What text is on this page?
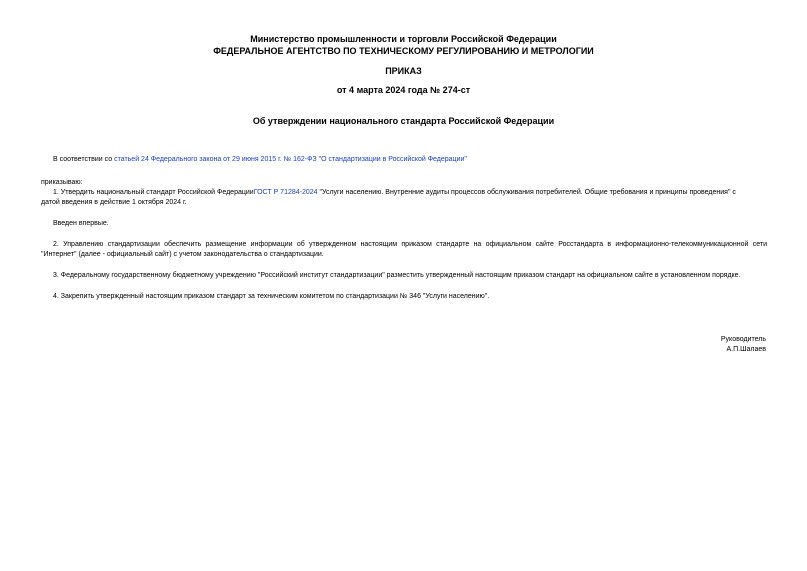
Министерство промышленности и торговли Российской Федерации
ФЕДЕРАЛЬНОЕ АГЕНТСТВО ПО ТЕХНИЧЕСКОМУ РЕГУЛИРОВАНИЮ И МЕТРОЛОГИИ
ПРИКАЗ
от 4 марта 2024 года № 274-ст
Об утверждении национального стандарта Российской Федерации
В соответствии со статьей 24 Федерального закона от 29 июня 2015 г. № 162-ФЗ "О стандартизации в Российской Федерации"
приказываю:
1. Утвердить национальный стандарт Российской ФедерацииГОСТ Р 71284-2024 "Услуги населению. Внутренние аудиты процессов обслуживания потребителей. Общие требования и принципы проведения" с
датой введения в действие 1 октября 2024 г.
Введен впервые.
2. Управлению стандартизации обеспечить размещение информации об утвержденном настоящим приказом стандарте на официальном сайте Росстандарта в информационно-телекоммуникационной сети
"Интернет" (далее - официальный сайт) с учетом законодательства о стандартизации.
3. Федеральному государственному бюджетному учреждению "Российский институт стандартизации" разместить утвержденный настоящим приказом стандарт на официальном сайте в установленном порядке.
4. Закрепить утвержденный настоящим приказом стандарт за техническим комитетом по стандартизации № 346 "Услуги населению".
Руководитель
А.П.Шалаев
